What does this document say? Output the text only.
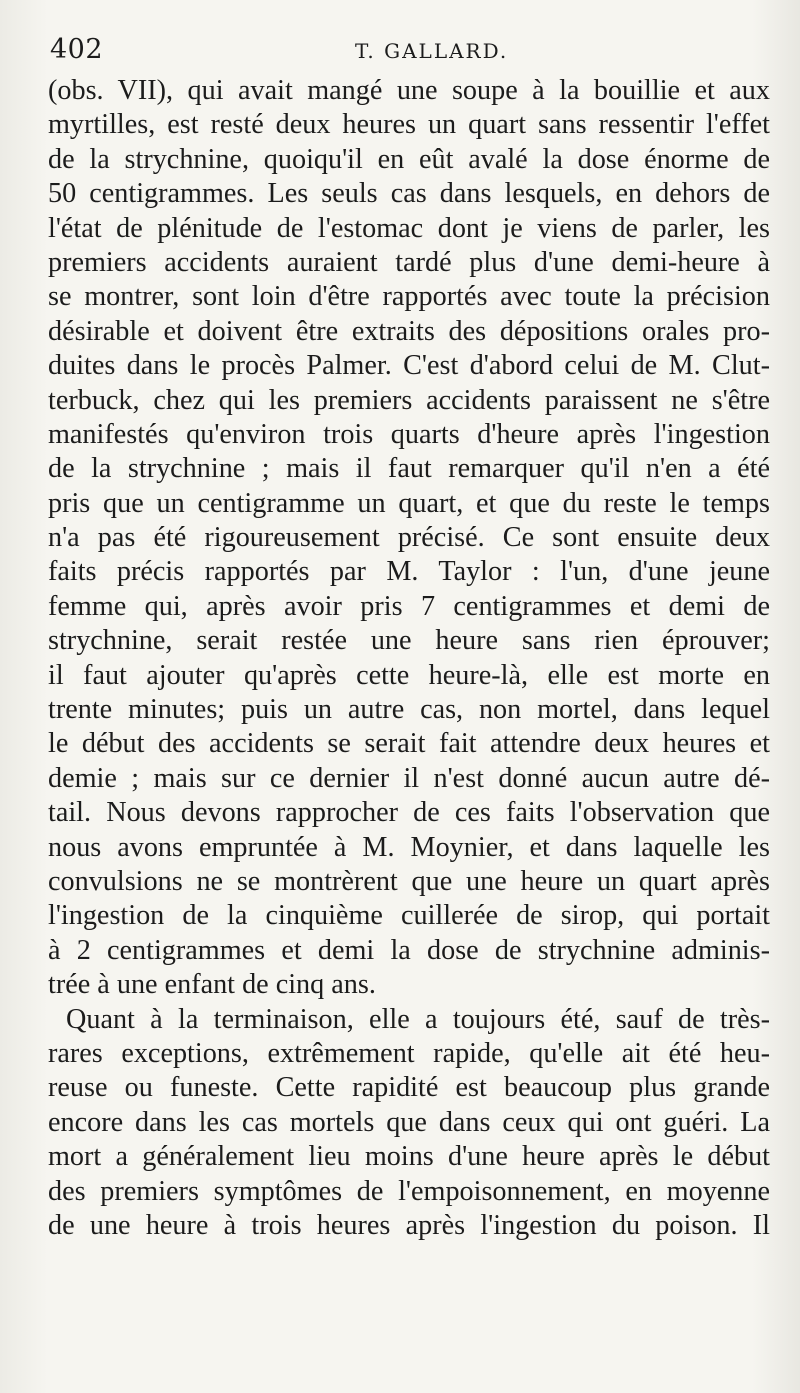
402	T. GALLARD.

(obs. VII), qui avait mangé une soupe à la bouillie et aux
myrtilles, est resté deux heures un quart sans ressentir l'effet
de la strychnine, quoiqu'il en eût avalé la dose énorme de
50 centigrammes. Les seuls cas dans lesquels, en dehors de
l'état de plénitude de l'estomac dont je viens de parler, les
premiers accidents auraient tardé plus d'une demi-heure à
se montrer, sont loin d'être rapportés avec toute la précision
désirable et doivent être extraits des dépositions orales pro-
duites dans le procès Palmer. C'est d'abord celui de M. Clut-
terbuck, chez qui les premiers accidents paraissent ne s'être
manifestés qu'environ trois quarts d'heure après l'ingestion
de la strychnine ; mais il faut remarquer qu'il n'en a été
pris que un centigramme un quart, et que du reste le temps
n'a pas été rigoureusement précisé. Ce sont ensuite deux
faits précis rapportés par M. Taylor : l'un, d'une jeune
femme qui, après avoir pris 7 centigrammes et demi de
strychnine, serait restée une heure sans rien éprouver;
il faut ajouter qu'après cette heure-là, elle est morte en
trente minutes; puis un autre cas, non mortel, dans lequel
le début des accidents se serait fait attendre deux heures et
demie ; mais sur ce dernier il n'est donné aucun autre dé-
tail. Nous devons rapprocher de ces faits l'observation que
nous avons empruntée à M. Moynier, et dans laquelle les
convulsions ne se montrèrent que une heure un quart après
l'ingestion de la cinquième cuillerée de sirop, qui portait
à 2 centigrammes et demi la dose de strychnine adminis-
trée à une enfant de cinq ans.

Quant à la terminaison, elle a toujours été, sauf de très-
rares exceptions, extrêmement rapide, qu'elle ait été heu-
reuse ou funeste. Cette rapidité est beaucoup plus grande
encore dans les cas mortels que dans ceux qui ont guéri. La
mort a généralement lieu moins d'une heure après le début
des premiers symptômes de l'empoisonnement, en moyenne
de une heure à trois heures après l'ingestion du poison. Il
